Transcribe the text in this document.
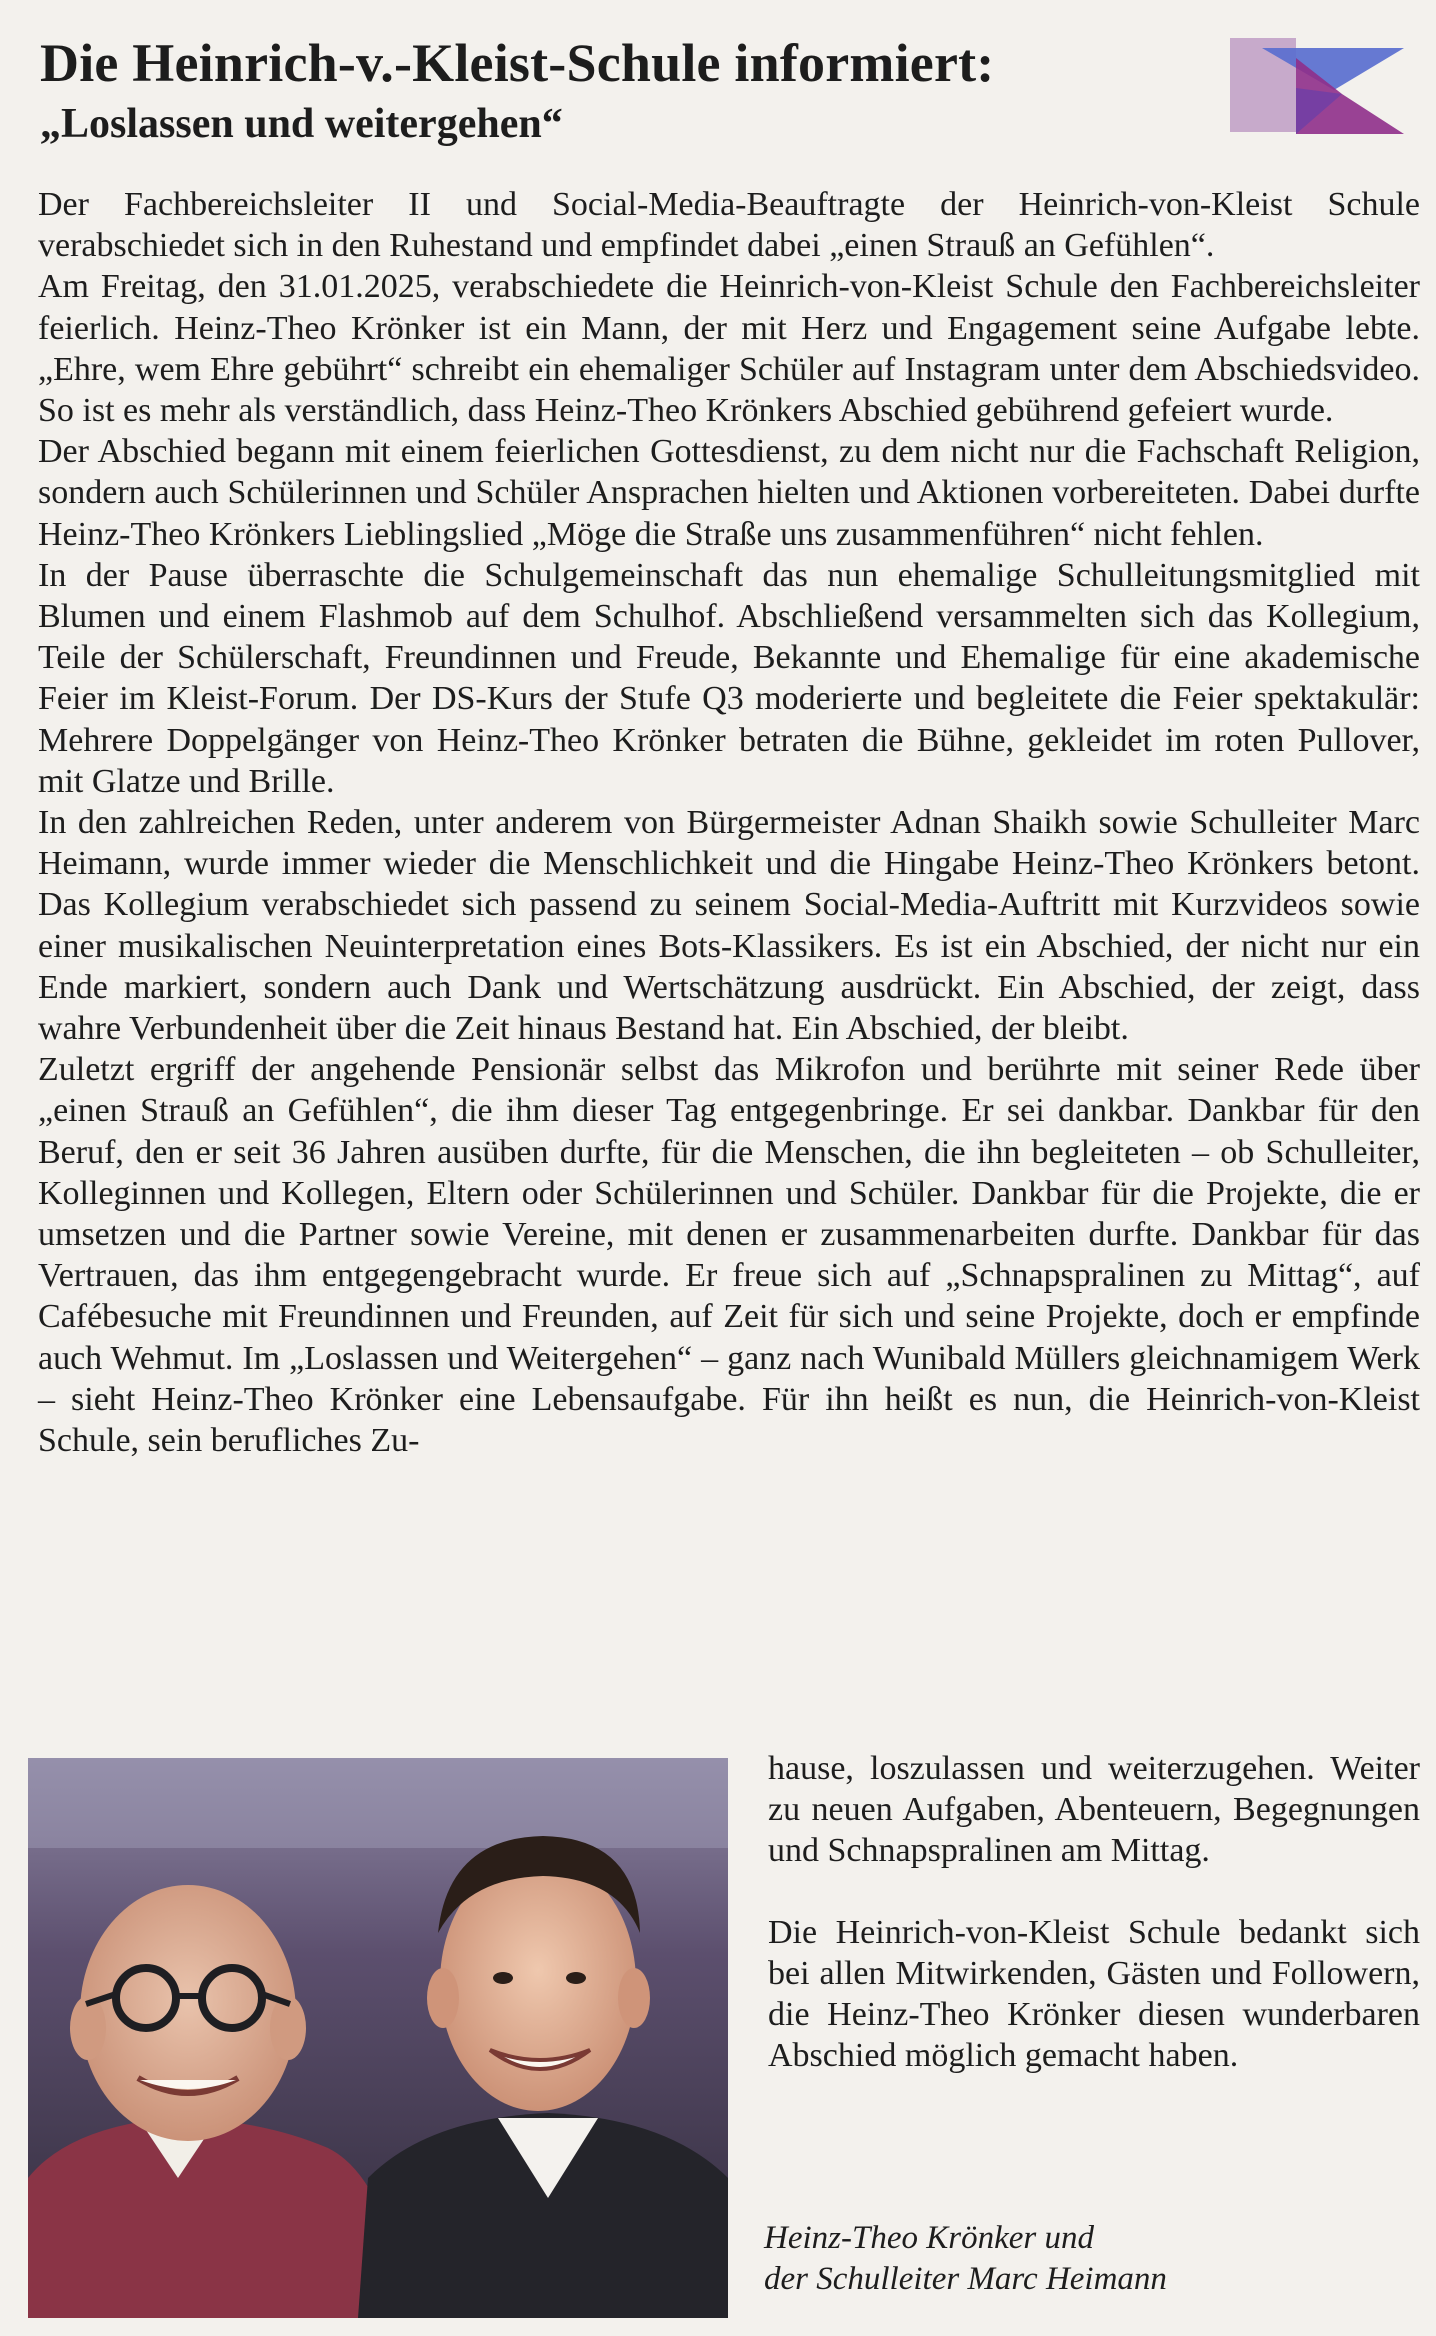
Die Heinrich-v.-Kleist-Schule informiert:
„Loslassen und weitergehen“

Der Fachbereichsleiter II und Social-Media-Beauftragte der Heinrich-von-Kleist Schule verabschiedet sich in den Ruhestand und empfindet dabei „einen Strauß an Gefühlen“.

Am Freitag, den 31.01.2025, verabschiedete die Heinrich-von-Kleist Schule den Fachbereichsleiter feierlich. Heinz-Theo Krönker ist ein Mann, der mit Herz und Engagement seine Aufgabe lebte. „Ehre, wem Ehre gebührt“ schreibt ein ehemaliger Schüler auf Instagram unter dem Abschiedsvideo. So ist es mehr als verständlich, dass Heinz-Theo Krönkers Abschied gebührend gefeiert wurde.

Der Abschied begann mit einem feierlichen Gottesdienst, zu dem nicht nur die Fachschaft Religion, sondern auch Schülerinnen und Schüler Ansprachen hielten und Aktionen vorbereiteten. Dabei durfte Heinz-Theo Krönkers Lieblingslied „Möge die Straße uns zusammenführen“ nicht fehlen.

In der Pause überraschte die Schulgemeinschaft das nun ehemalige Schulleitungsmitglied mit Blumen und einem Flashmob auf dem Schulhof. Abschließend versammelten sich das Kollegium, Teile der Schülerschaft, Freundinnen und Freude, Bekannte und Ehemalige für eine akademische Feier im Kleist-Forum. Der DS-Kurs der Stufe Q3 moderierte und begleitete die Feier spektakulär: Mehrere Doppelgänger von Heinz-Theo Krönker betraten die Bühne, gekleidet im roten Pullover, mit Glatze und Brille.

In den zahlreichen Reden, unter anderem von Bürgermeister Adnan Shaikh sowie Schulleiter Marc Heimann, wurde immer wieder die Menschlichkeit und die Hingabe Heinz-Theo Krönkers betont. Das Kollegium verabschiedet sich passend zu seinem Social-Media-Auftritt mit Kurzvideos sowie einer musikalischen Neuinterpretation eines Bots-Klassikers. Es ist ein Abschied, der nicht nur ein Ende markiert, sondern auch Dank und Wertschätzung ausdrückt. Ein Abschied, der zeigt, dass wahre Verbundenheit über die Zeit hinaus Bestand hat. Ein Abschied, der bleibt.

Zuletzt ergriff der angehende Pensionär selbst das Mikrofon und berührte mit seiner Rede über „einen Strauß an Gefühlen“, die ihm dieser Tag entgegenbringe. Er sei dankbar. Dankbar für den Beruf, den er seit 36 Jahren ausüben durfte, für die Menschen, die ihn begleiteten – ob Schulleiter, Kolleginnen und Kollegen, Eltern oder Schülerinnen und Schüler. Dankbar für die Projekte, die er umsetzen und die Partner sowie Vereine, mit denen er zusammenarbeiten durfte. Dankbar für das Vertrauen, das ihm entgegengebracht wurde. Er freue sich auf „Schnapspralinen zu Mittag“, auf Cafébesuche mit Freundinnen und Freunden, auf Zeit für sich und seine Projekte, doch er empfinde auch Wehmut. Im „Loslassen und Weitergehen“ – ganz nach Wunibald Müllers gleichnamigem Werk – sieht Heinz-Theo Krönker eine Lebensaufgabe. Für ihn heißt es nun, die Heinrich-von-Kleist Schule, sein berufliches Zu-

hause, loszulassen und weiterzugehen. Weiter zu neuen Aufgaben, Abenteuern, Begegnungen und Schnapspralinen am Mittag.

Die Heinrich-von-Kleist Schule bedankt sich bei allen Mitwirkenden, Gästen und Followern, die Heinz-Theo Krönker diesen wunderbaren Abschied möglich gemacht haben.

Heinz-Theo Krönker und
der Schulleiter Marc Heimann
